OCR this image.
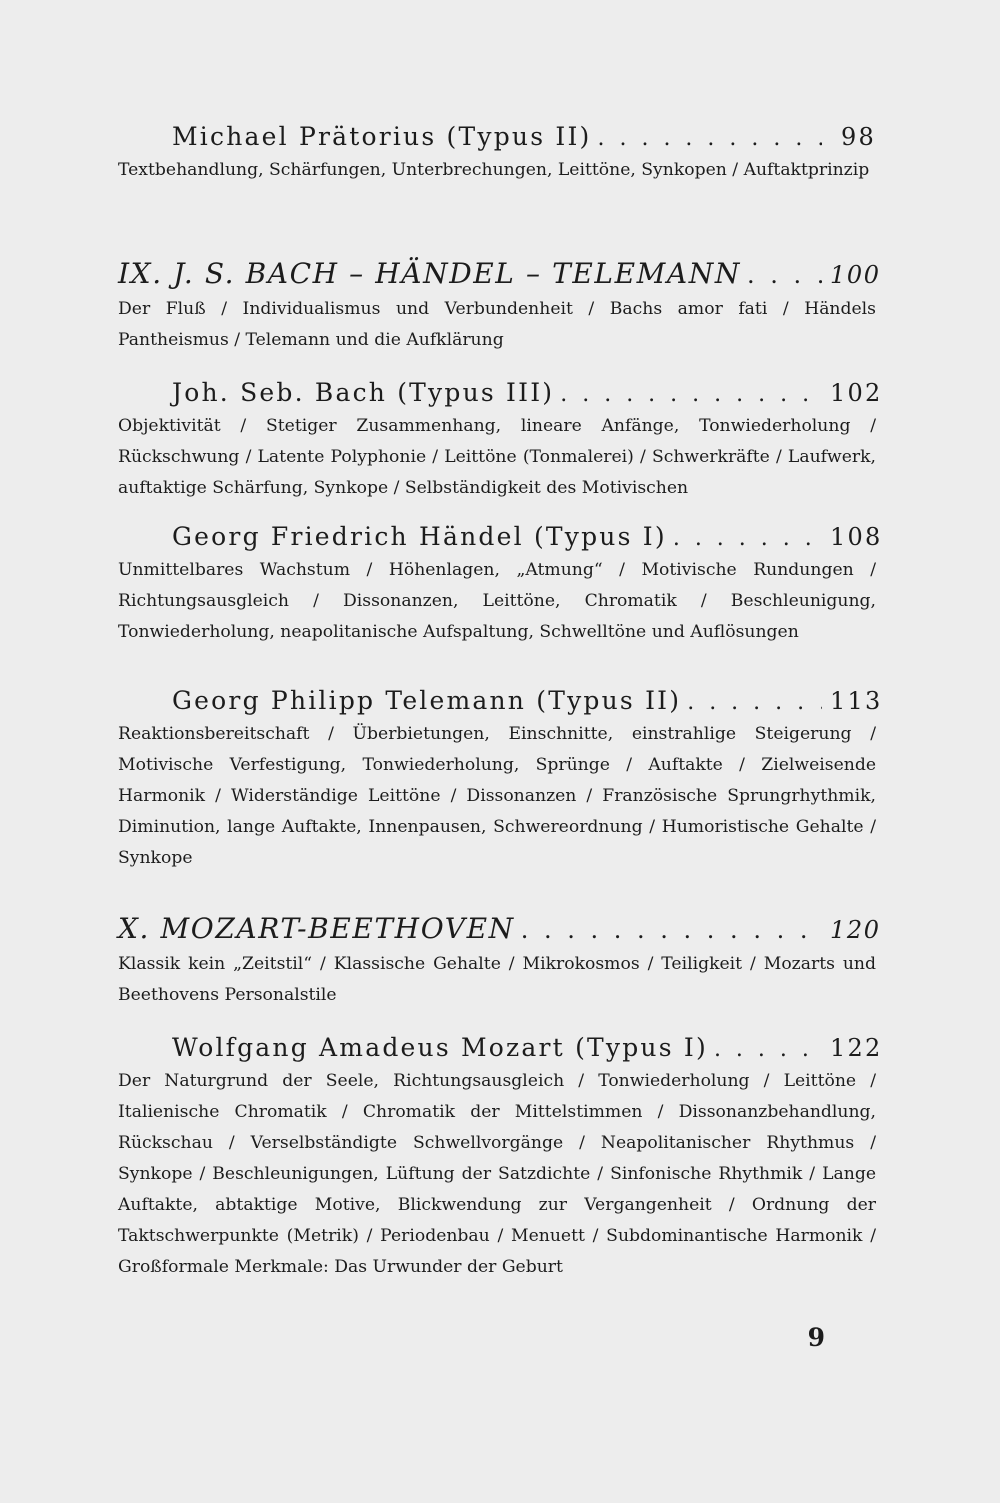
Michael Prätorius (Typus II) . . .	98
Textbehandlung, Schärfungen, Unterbrechungen, Leittöne, Synkopen / Auftaktprinzip
IX. J. S. BACH – HÄNDEL – TELEMANN . . .	100
Der Fluß / Individualismus und Verbundenheit / Bachs amor fati / Händels Pantheismus / Telemann und die Aufklärung
Joh. Seb. Bach (Typus III) . . .	102
Objektivität / Stetiger Zusammenhang, lineare Anfänge, Tonwiederholung / Rückschwung / Latente Polyphonie / Leittöne (Tonmalerei) / Schwerkräfte / Laufwerk, auftaktige Schärfung, Synkope / Selbständigkeit des Motivischen
Georg Friedrich Händel (Typus I) . . .	108
Unmittelbares Wachstum / Höhenlagen, „Atmung“ / Motivische Rundungen / Richtungsausgleich / Dissonanzen, Leittöne, Chromatik / Beschleunigung, Tonwiederholung, neapolitanische Aufspaltung, Schwelltöne und Auflösungen
Georg Philipp Telemann (Typus II) . . .	113
Reaktionsbereitschaft / Überbietungen, Einschnitte, einstrahlige Steigerung / Motivische Verfestigung, Tonwiederholung, Sprünge / Auftakte / Zielweisende Harmonik / Widerständige Leittöne / Dissonanzen / Französische Sprungrhythmik, Diminution, lange Auftakte, Innenpausen, Schwereordnung / Humoristische Gehalte / Synkope
X. MOZART-BEETHOVEN . . .	120
Klassik kein „Zeitstil“ / Klassische Gehalte / Mikrokosmos / Teiligkeit / Mozarts und Beethovens Personalstile
Wolfgang Amadeus Mozart (Typus I) . . .	122
Der Naturgrund der Seele, Richtungsausgleich / Tonwiederholung / Leittöne / Italienische Chromatik / Chromatik der Mittelstimmen / Dissonanzbehandlung, Rückschau / Verselbständigte Schwellvorgänge / Neapolitanischer Rhythmus / Synkope / Beschleunigungen, Lüftung der Satzdichte / Sinfonische Rhythmik / Lange Auftakte, abtaktige Motive, Blickwendung zur Vergangenheit / Ordnung der Taktschwerpunkte (Metrik) / Periodenbau / Menuett / Subdominantische Harmonik / Großformale Merkmale: Das Urwunder der Geburt
9
